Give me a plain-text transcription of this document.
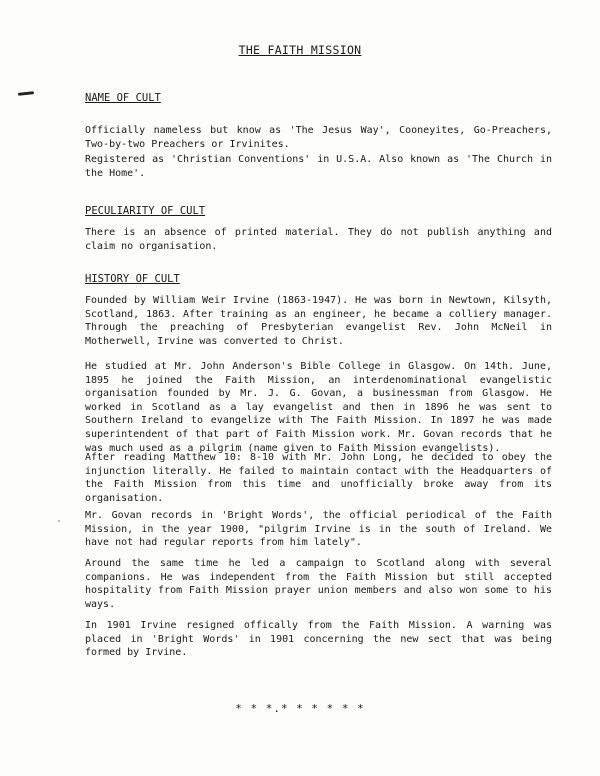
THE FAITH MISSION
NAME OF CULT
Officially nameless but know as 'The Jesus Way', Cooneyites, Go-Preachers, Two-by-two Preachers or Irvinites.
Registered as 'Christian Conventions' in U.S.A. Also known as 'The Church in the Home'.
PECULIARITY OF CULT
There is an absence of printed material. They do not publish anything and claim no organisation.
HISTORY OF CULT
Founded by William Weir Irvine (1863-1947). He was born in Newtown, Kilsyth, Scotland, 1863. After training as an engineer, he became a colliery manager. Through the preaching of Presbyterian evangelist Rev. John McNeil in Motherwell, Irvine was converted to Christ.
He studied at Mr. John Anderson's Bible College in Glasgow. On 14th. June, 1895 he joined the Faith Mission, an interdenominational evangelistic organisation founded by Mr. J. G. Govan, a businessman from Glasgow. He worked in Scotland as a lay evangelist and then in 1896 he was sent to Southern Ireland to evangelize with The Faith Mission. In 1897 he was made superintendent of that part of Faith Mission work. Mr. Govan records that he was much used as a pilgrim (name given to Faith Mission evangelists).
After reading Matthew 10: 8-10 with Mr. John Long, he decided to obey the injunction literally. He failed to maintain contact with the Headquarters of the Faith Mission from this time and unofficially broke away from its organisation.
Mr. Govan records in 'Bright Words', the official periodical of the Faith Mission, in the year 1900, "pilgrim Irvine is in the south of Ireland. We have not had regular reports from him lately".
Around the same time he led a campaign to Scotland along with several companions. He was independent from the Faith Mission but still accepted hospitality from Faith Mission prayer union members and also won some to his ways.
In 1901 Irvine resigned offically from the Faith Mission. A warning was placed in 'Bright Words' in 1901 concerning the new sect that was being formed by Irvine.
* * *.* * * * * *
